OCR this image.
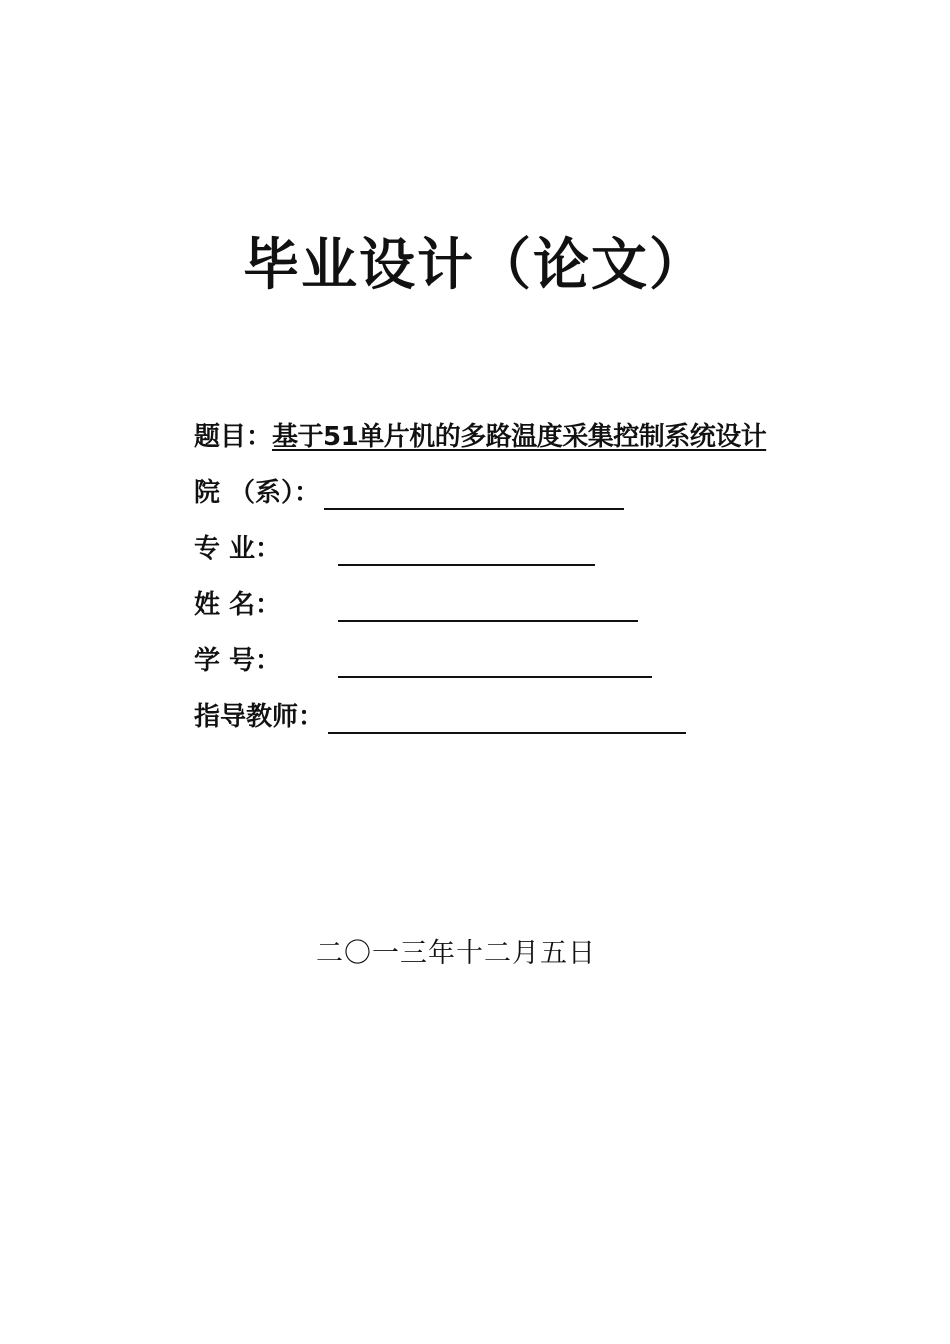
毕业设计（论文）
题目： 基于51单片机的多路温度采集控制系统设计
院 （系）：
专 业：
姓 名：
学 号：
指导教师：
二〇一三年十二月五日
